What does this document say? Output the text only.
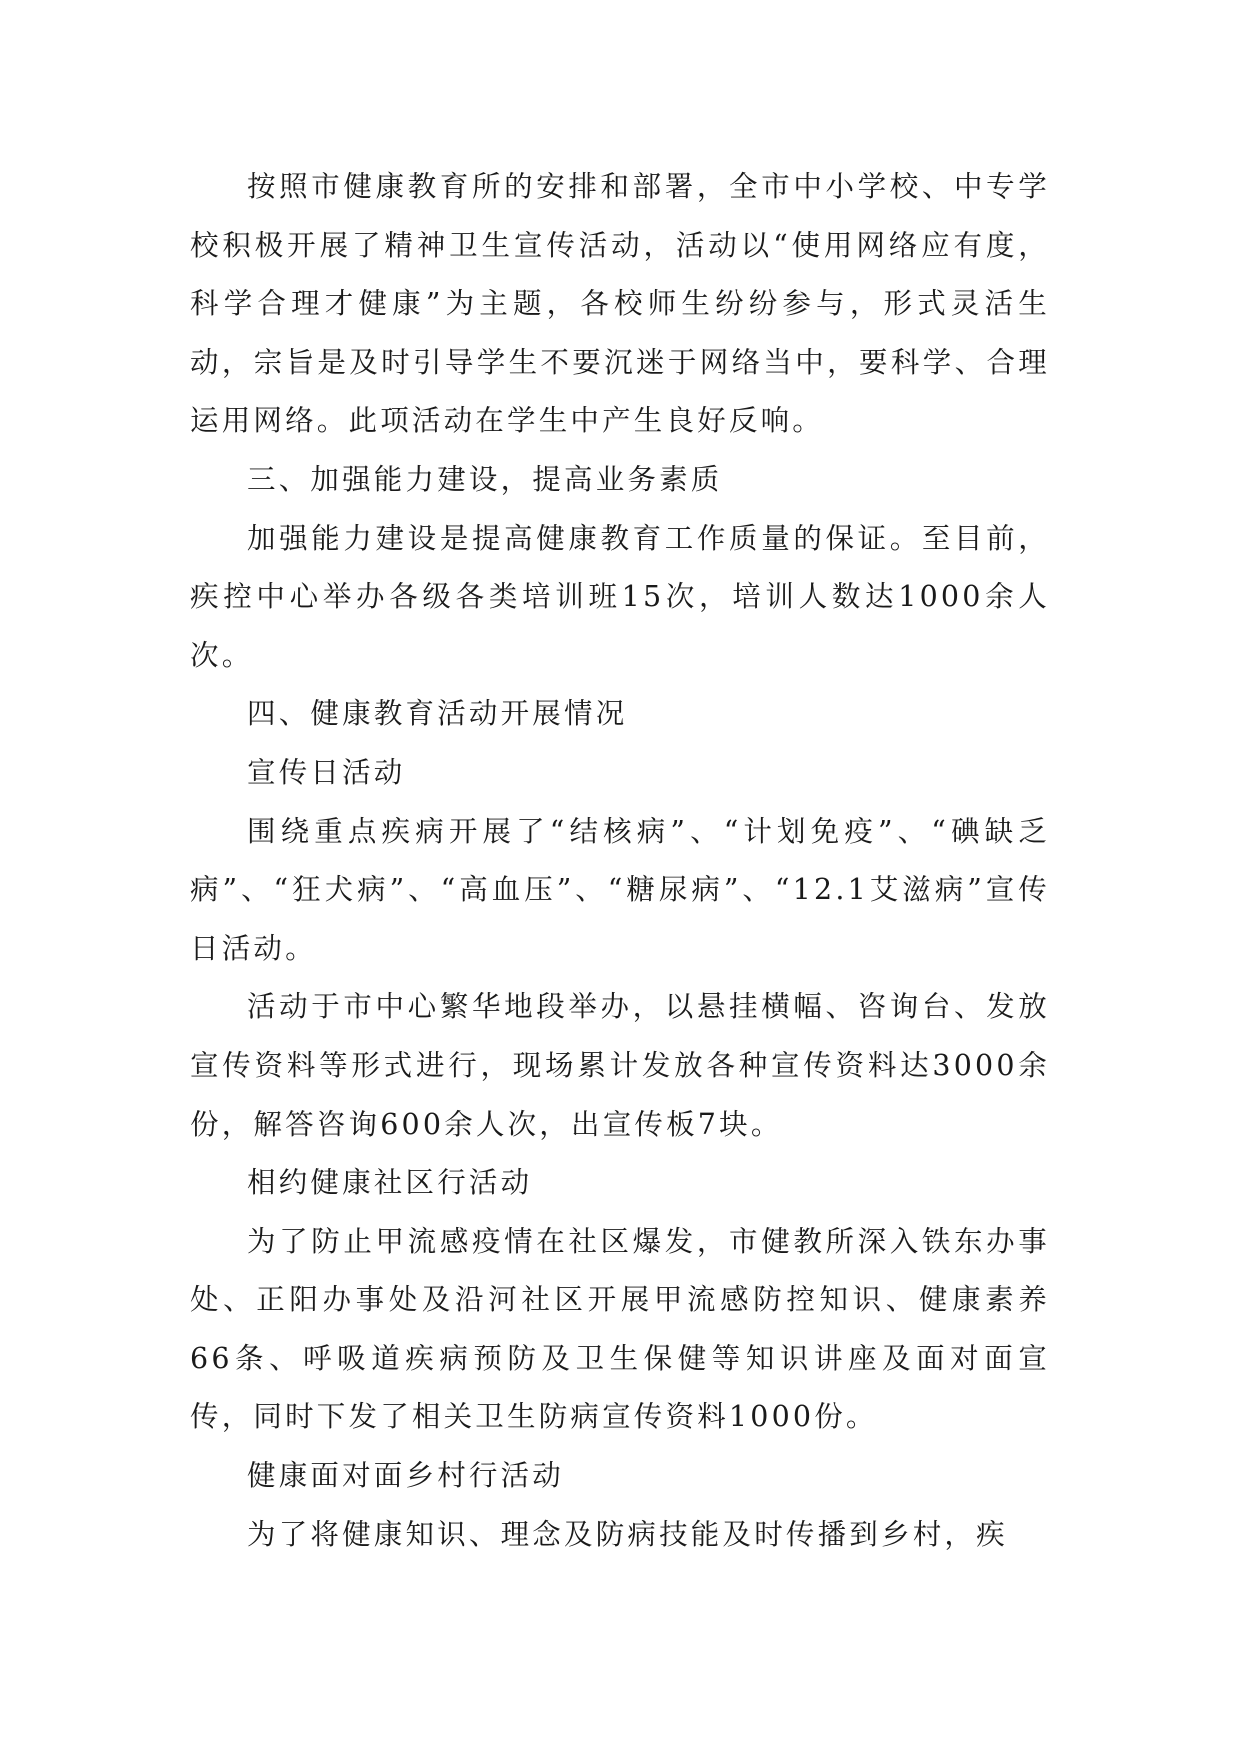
按照市健康教育所的安排和部署，全市中小学校、中专学校积极开展了精神卫生宣传活动，活动以“使用网络应有度，科学合理才健康”为主题，各校师生纷纷参与，形式灵活生动，宗旨是及时引导学生不要沉迷于网络当中，要科学、合理运用网络。此项活动在学生中产生良好反响。

三、加强能力建设，提高业务素质

加强能力建设是提高健康教育工作质量的保证。至目前，疾控中心举办各级各类培训班15次，培训人数达1000余人次。

四、健康教育活动开展情况

宣传日活动

围绕重点疾病开展了“结核病”、“计划免疫”、“碘缺乏病”、“狂犬病”、“高血压”、“糖尿病”、“12.1艾滋病”宣传日活动。

活动于市中心繁华地段举办，以悬挂横幅、咨询台、发放宣传资料等形式进行，现场累计发放各种宣传资料达3000余份，解答咨询600余人次，出宣传板7块。

相约健康社区行活动

为了防止甲流感疫情在社区爆发，市健教所深入铁东办事处、正阳办事处及沿河社区开展甲流感防控知识、健康素养66条、呼吸道疾病预防及卫生保健等知识讲座及面对面宣传，同时下发了相关卫生防病宣传资料1000份。

健康面对面乡村行活动

为了将健康知识、理念及防病技能及时传播到乡村，疾
